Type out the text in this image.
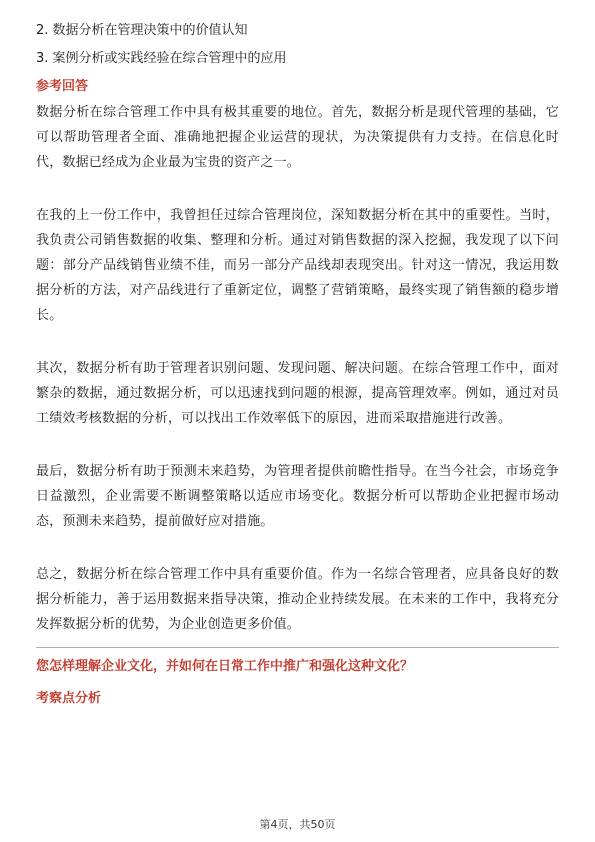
2. 数据分析在管理决策中的价值认知
3. 案例分析或实践经验在综合管理中的应用
参考回答

数据分析在综合管理工作中具有极其重要的地位。首先，数据分析是现代管理的基础，它可以帮助管理者全面、准确地把握企业运营的现状，为决策提供有力支持。在信息化时代，数据已经成为企业最为宝贵的资产之一。

在我的上一份工作中，我曾担任过综合管理岗位，深知数据分析在其中的重要性。当时，我负责公司销售数据的收集、整理和分析。通过对销售数据的深入挖掘，我发现了以下问题：部分产品线销售业绩不佳，而另一部分产品线却表现突出。针对这一情况，我运用数据分析的方法，对产品线进行了重新定位，调整了营销策略，最终实现了销售额的稳步增长。

其次，数据分析有助于管理者识别问题、发现问题、解决问题。在综合管理工作中，面对繁杂的数据，通过数据分析，可以迅速找到问题的根源，提高管理效率。例如，通过对员工绩效考核数据的分析，可以找出工作效率低下的原因，进而采取措施进行改善。

最后，数据分析有助于预测未来趋势，为管理者提供前瞻性指导。在当今社会，市场竞争日益激烈，企业需要不断调整策略以适应市场变化。数据分析可以帮助企业把握市场动态，预测未来趋势，提前做好应对措施。

总之，数据分析在综合管理工作中具有重要价值。作为一名综合管理者，应具备良好的数据分析能力，善于运用数据来指导决策，推动企业持续发展。在未来的工作中，我将充分发挥数据分析的优势，为企业创造更多价值。

您怎样理解企业文化，并如何在日常工作中推广和强化这种文化？
考察点分析
第4页，共50页
